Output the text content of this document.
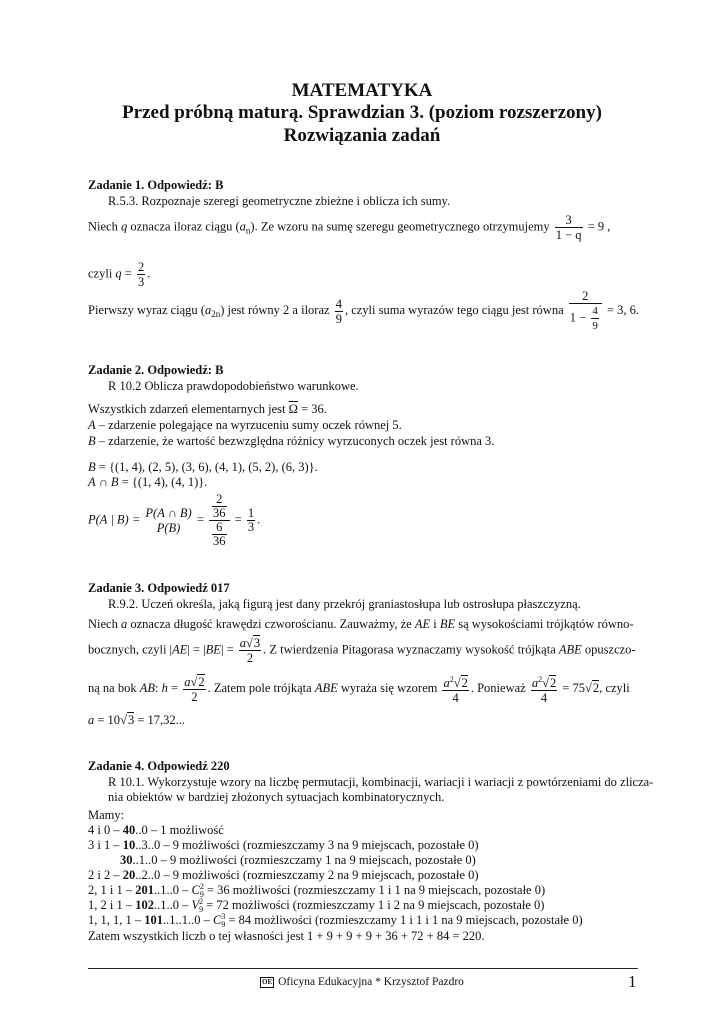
MATEMATYKA
Przed próbną maturą. Sprawdzian 3. (poziom rozszerzony)
Rozwiązania zadań
Zadanie 1. Odpowiedź: B
R.5.3. Rozpoznaje szeregi geometryczne zbieżne i oblicza ich sumy.
Niech q oznacza iloraz ciągu $(a_n)$. Ze wzoru na sumę szeregu geometrycznego otrzymujemy $\frac{3}{1 - q} = 9$ ,
czyli $q = \frac{2}{3}$ .
Pierwszy wyraz ciągu $(a_{2n})$ jest równy 2 a iloraz $\frac{4}{9}$ , czyli suma wyrazów tego ciągu jest równa $\frac{2}{1 - \frac{4}{9}} = 3$, 6.
Zadanie 2. Odpowiedź: B
R 10.2 Oblicza prawdopodobieństwo warunkowe.
Wszystkich zdarzeń elementarnych jest $\overline{\Omega} = 36$.
A – zdarzenie polegające na wyrzuceniu sumy oczek równej 5.
B – zdarzenie, że wartość bezwzględna różnicy wyrzuconych oczek jest równa 3.
B = {(1, 4), (2, 5), (3, 6), (4, 1), (5, 2), (6, 3)}.
A ∩ B = {(1, 4), (4, 1)}.
P(A | B) = P(A ∩ B)
P(B)
= $\frac{\frac{2}{36}}{\frac{6}{36}} = \frac{1}{3}$ .
Zadanie 3. Odpowiedź 017
R.9.2. Uczeń określa, jaką figurą jest dany przekrój graniastosłupa lub ostrosłupa płaszczyzną.
Niech a oznacza długość krawędzi czworościanu. Zauważmy, że AE i BE są wysokościami trójkątów równo-
bocznych, czyli $|AE| = |BE| = \frac{a√3}{2}$ . Z twierdzenia Pitagorasa wyznaczamy wysokość trójkąta ABE opuszczo-
ną na bok AB: $h = \frac{a√2}{2}$ . Zatem pole trójkąta ABE wyraża się wzorem $\frac{a^2√2}{4}$ . Ponieważ $\frac{a^2√2}{4} = 75√2$, czyli
a = 10√3 = 17,32...
Zadanie 4. Odpowiedź 220
R 10.1. Wykorzystuje wzory na liczbę permutacji, kombinacji, wariacji i wariacji z powtórzeniami do zlicza-
nia obiektów w bardziej złożonych sytuacjach kombinatorycznych.
Mamy:
4 i 0 – 40..0 – 1 możliwość
3 i 1 – 10..3..0 – 9 możliwości (rozmieszczamy 3 na 9 miejscach, pozostałe 0)
30..1..0 – 9 możliwości (rozmieszczamy 1 na 9 miejscach, pozostałe 0)
2 i 2 – 20..2..0 – 9 możliwości (rozmieszczamy 2 na 9 miejscach, pozostałe 0)
2, 1 i 1 – 201..1..0 – C 2
9 = 36 możliwości (rozmieszczamy 1 i 1 na 9 miejscach, pozostałe 0)
1, 2 i 1 – 102..1..0 – V 2
9 = 72 możliwości (rozmieszczamy 1 i 2 na 9 miejscach, pozostałe 0)
1, 1, 1, 1 – 101..1..1..0 – C 3
9 = 84 możliwości (rozmieszczamy 1 i 1 i 1 na 9 miejscach, pozostałe 0)
Zatem wszystkich liczb o tej własności jest 1 + 9 + 9 + 9 + 36 + 72 + 84 = 220.
OE Oficyna Edukacyjna * Krzysztof Pazdro	1
